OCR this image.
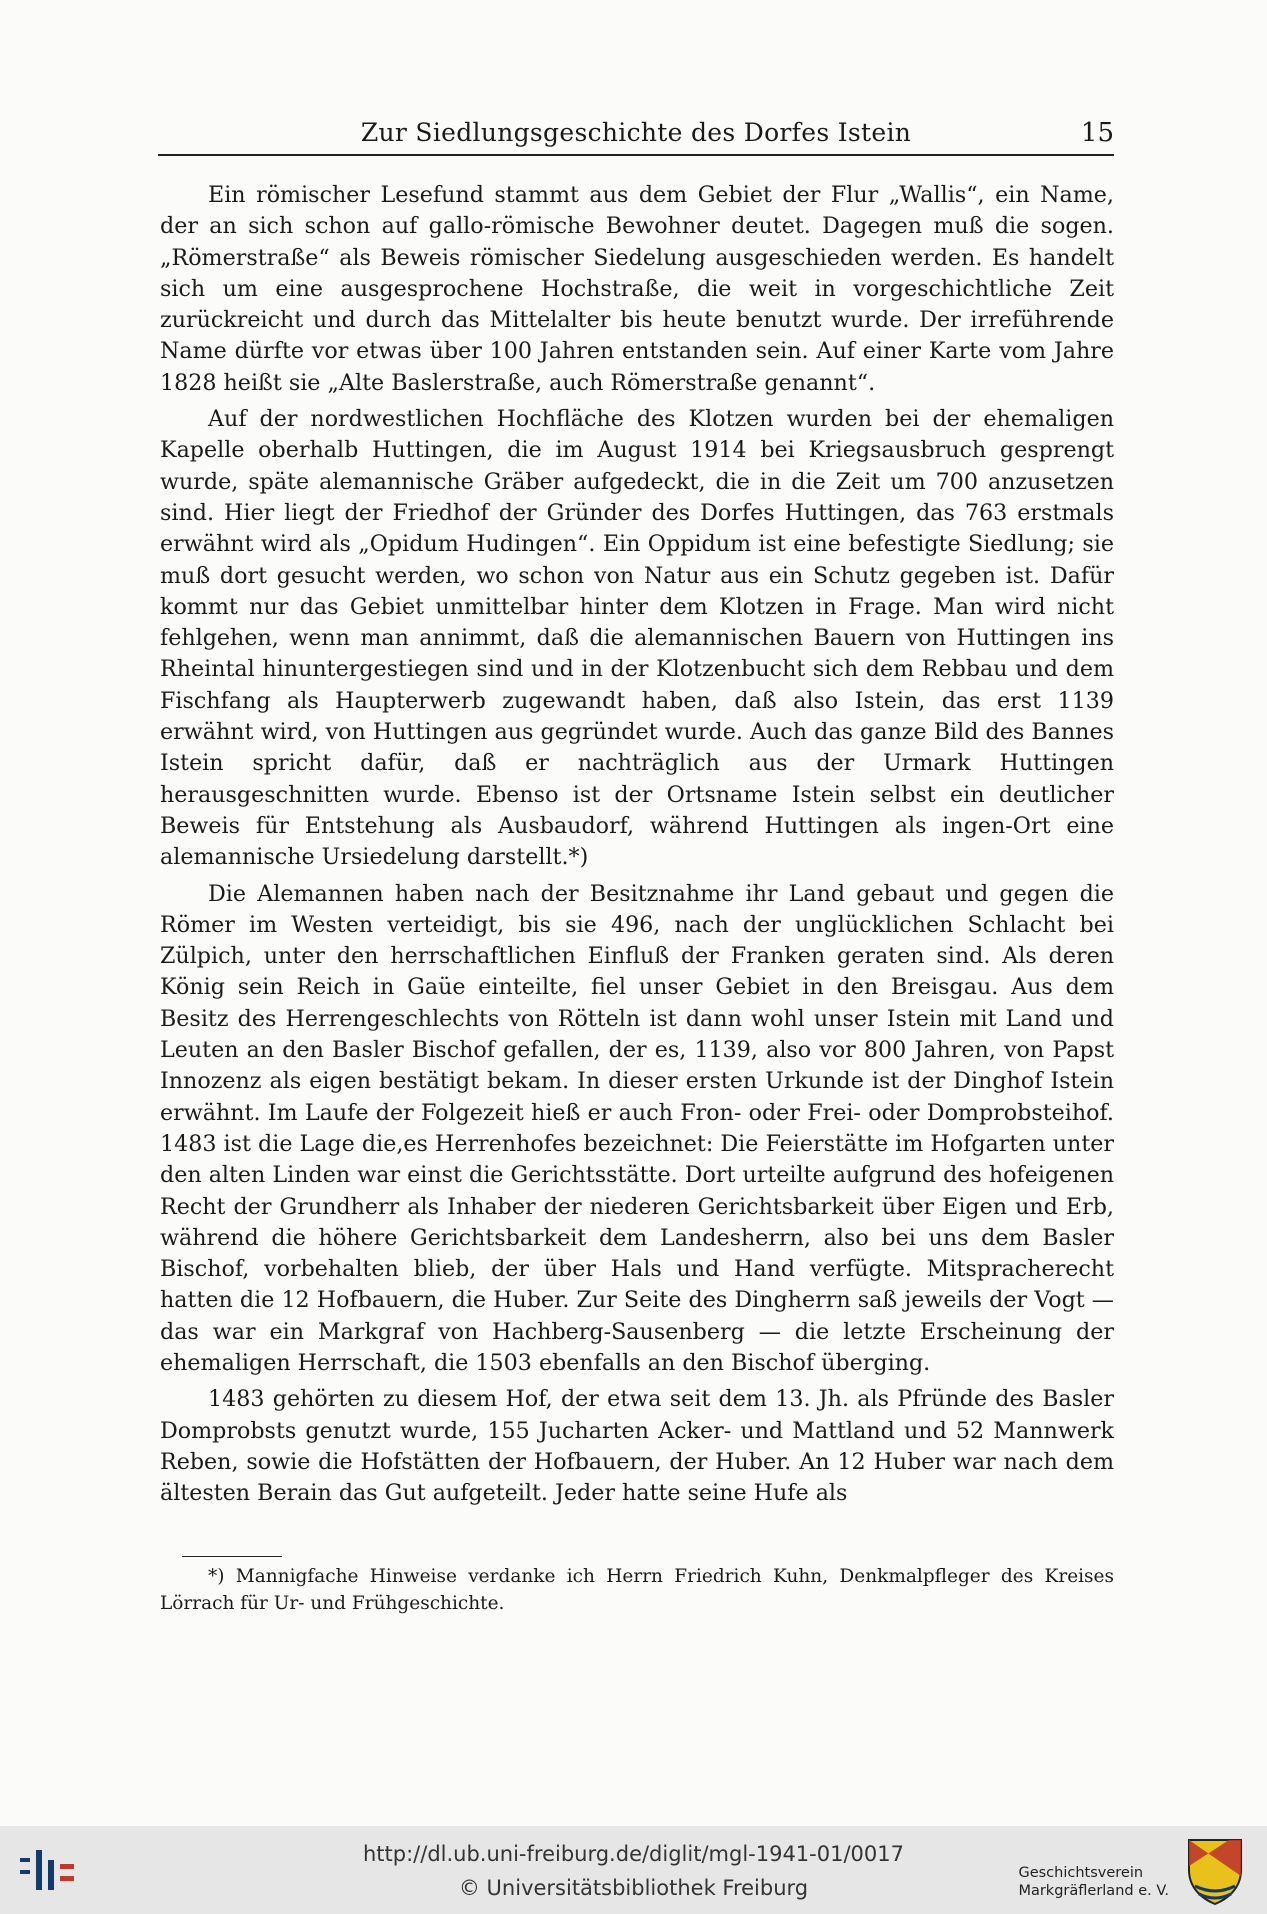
Zur Siedlungsgeschichte des Dorfes Istein	15

Ein römischer Lesefund stammt aus dem Gebiet der Flur „Wallis“, ein Name, der an sich schon auf gallo-römische Bewohner deutet. Dagegen muß die sogen. „Römerstraße“ als Beweis römischer Siedelung ausgeschieden werden. Es handelt sich um eine ausgesprochene Hochstraße, die weit in vorgeschichtliche Zeit zurückreicht und durch das Mittelalter bis heute benutzt wurde. Der irreführende Name dürfte vor etwas über 100 Jahren entstanden sein. Auf einer Karte vom Jahre 1828 heißt sie „Alte Baslerstraße, auch Römerstraße genannt“.

Auf der nordwestlichen Hochfläche des Klotzen wurden bei der ehemaligen Kapelle oberhalb Huttingen, die im August 1914 bei Kriegsausbruch gesprengt wurde, späte alemannische Gräber aufgedeckt, die in die Zeit um 700 anzusetzen sind. Hier liegt der Friedhof der Gründer des Dorfes Huttingen, das 763 erstmals erwähnt wird als „Opidum Hudingen“. Ein Oppidum ist eine befestigte Siedlung; sie muß dort gesucht werden, wo schon von Natur aus ein Schutz gegeben ist. Dafür kommt nur das Gebiet unmittelbar hinter dem Klotzen in Frage. Man wird nicht fehlgehen, wenn man annimmt, daß die alemannischen Bauern von Huttingen ins Rheintal hinuntergestiegen sind und in der Klotzenbucht sich dem Rebbau und dem Fischfang als Haupterwerb zugewandt haben, daß also Istein, das erst 1139 erwähnt wird, von Huttingen aus gegründet wurde. Auch das ganze Bild des Bannes Istein spricht dafür, daß er nachträglich aus der Urmark Huttingen herausgeschnitten wurde. Ebenso ist der Ortsname Istein selbst ein deutlicher Beweis für Entstehung als Ausbaudorf, während Huttingen als ingen-Ort eine alemannische Ursiedelung darstellt.*)

Die Alemannen haben nach der Besitznahme ihr Land gebaut und gegen die Römer im Westen verteidigt, bis sie 496, nach der unglücklichen Schlacht bei Zülpich, unter den herrschaftlichen Einfluß der Franken geraten sind. Als deren König sein Reich in Gaüe einteilte, fiel unser Gebiet in den Breisgau. Aus dem Besitz des Herrengeschlechts von Rötteln ist dann wohl unser Istein mit Land und Leuten an den Basler Bischof gefallen, der es, 1139, also vor 800 Jahren, von Papst Innozenz als eigen bestätigt bekam. In dieser ersten Urkunde ist der Dinghof Istein erwähnt. Im Laufe der Folgezeit hieß er auch Fron- oder Frei- oder Domprobsteihof. 1483 ist die Lage die,es Herrenhofes bezeichnet: Die Feierstätte im Hofgarten unter den alten Linden war einst die Gerichtsstätte. Dort urteilte aufgrund des hofeigenen Recht der Grundherr als Inhaber der niederen Gerichtsbarkeit über Eigen und Erb, während die höhere Gerichtsbarkeit dem Landesherrn, also bei uns dem Basler Bischof, vorbehalten blieb, der über Hals und Hand verfügte. Mitspracherecht hatten die 12 Hofbauern, die Huber. Zur Seite des Dingherrn saß jeweils der Vogt — das war ein Markgraf von Hachberg-Sausenberg — die letzte Erscheinung der ehemaligen Herrschaft, die 1503 ebenfalls an den Bischof überging.

1483 gehörten zu diesem Hof, der etwa seit dem 13. Jh. als Pfründe des Basler Domprobsts genutzt wurde, 155 Jucharten Acker- und Mattland und 52 Mannwerk Reben, sowie die Hofstätten der Hofbauern, der Huber. An 12 Huber war nach dem ältesten Berain das Gut aufgeteilt. Jeder hatte seine Hufe als

*) Mannigfache Hinweise verdanke ich Herrn Friedrich Kuhn, Denkmalpfleger des Kreises Lörrach für Ur- und Frühgeschichte.
http://dl.ub.uni-freiburg.de/diglit/mgl-1941-01/0017
© Universitätsbibliothek Freiburg
Geschichtsverein
Markgräflerland e. V.
